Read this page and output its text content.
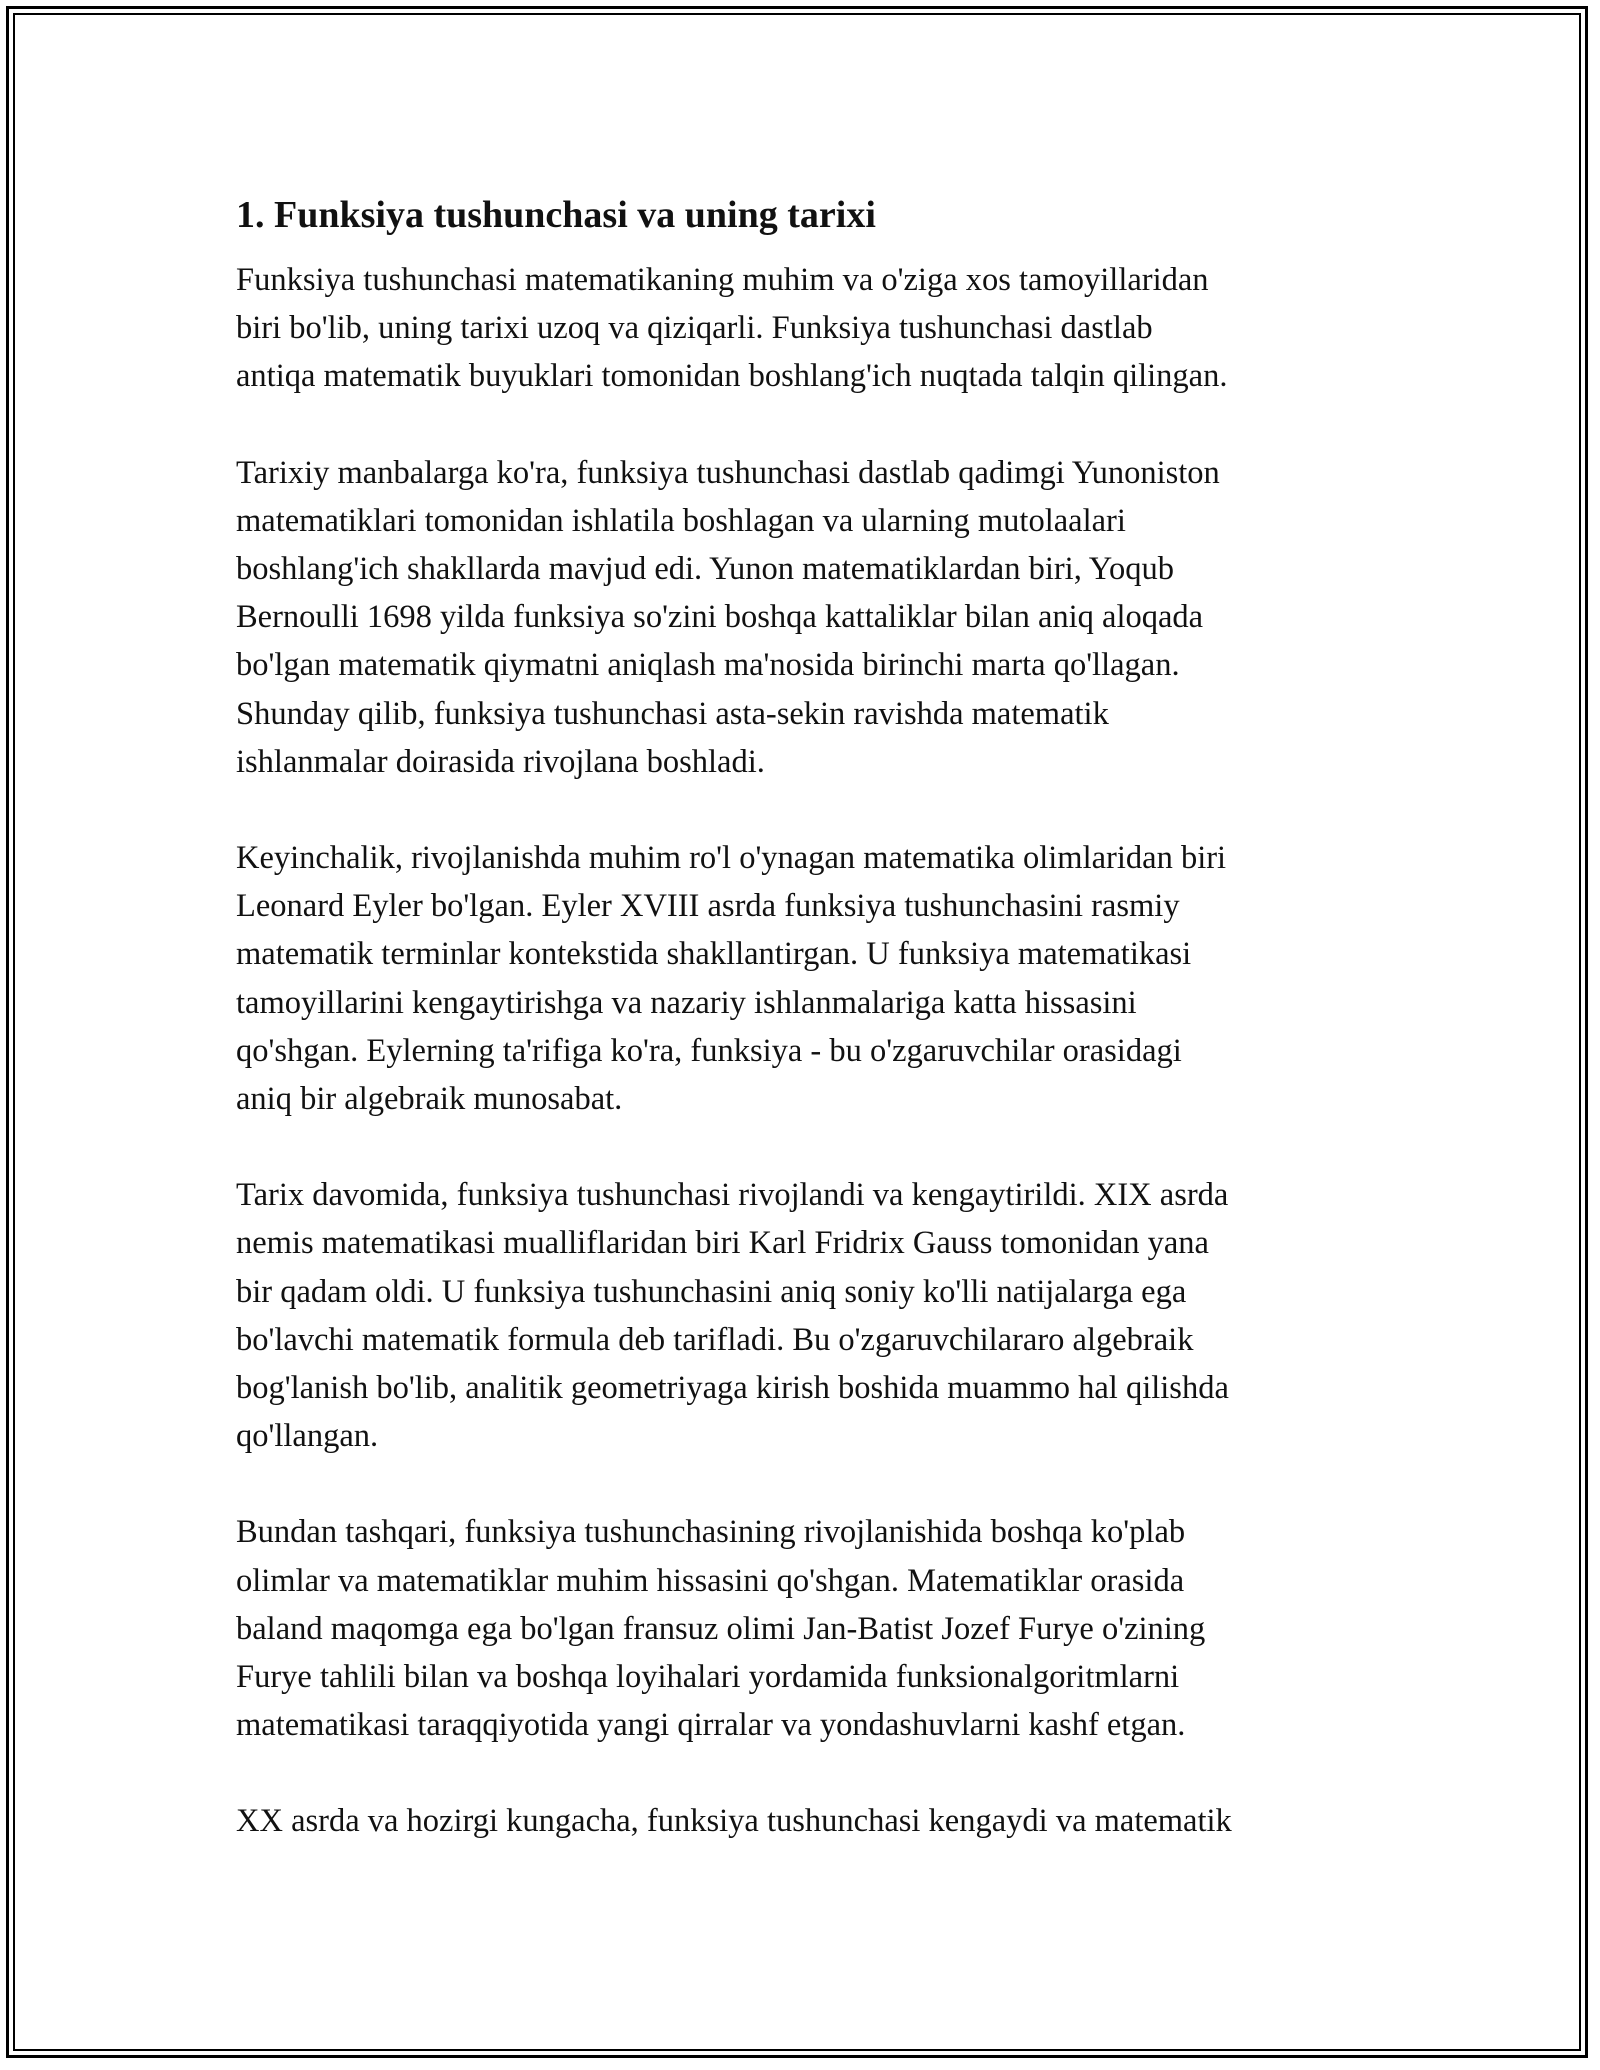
1. Funksiya tushunchasi va uning tarixi

Funksiya tushunchasi matematikaning muhim va o'ziga xos tamoyillaridan
biri bo'lib, uning tarixi uzoq va qiziqarli. Funksiya tushunchasi dastlab
antiqa matematik buyuklari tomonidan boshlang'ich nuqtada talqin qilingan.

Tarixiy manbalarga ko'ra, funksiya tushunchasi dastlab qadimgi Yunoniston
matematiklari tomonidan ishlatila boshlagan va ularning mutolaalari
boshlang'ich shakllarda mavjud edi. Yunon matematiklardan biri, Yoqub
Bernoulli 1698 yilda funksiya so'zini boshqa kattaliklar bilan aniq aloqada
bo'lgan matematik qiymatni aniqlash ma'nosida birinchi marta qo'llagan.
Shunday qilib, funksiya tushunchasi asta-sekin ravishda matematik
ishlanmalar doirasida rivojlana boshladi.

Keyinchalik, rivojlanishda muhim ro'l o'ynagan matematika olimlaridan biri
Leonard Eyler bo'lgan. Eyler XVIII asrda funksiya tushunchasini rasmiy
matematik terminlar kontekstida shakllantirgan. U funksiya matematikasi
tamoyillarini kengaytirishga va nazariy ishlanmalariga katta hissasini
qo'shgan. Eylerning ta'rifiga ko'ra, funksiya - bu o'zgaruvchilar orasidagi
aniq bir algebraik munosabat.

Tarix davomida, funksiya tushunchasi rivojlandi va kengaytirildi. XIX asrda
nemis matematikasi mualliflaridan biri Karl Fridrix Gauss tomonidan yana
bir qadam oldi. U funksiya tushunchasini aniq soniy ko'lli natijalarga ega
bo'lavchi matematik formula deb tarifladi. Bu o'zgaruvchilararo algebraik
bog'lanish bo'lib, analitik geometriyaga kirish boshida muammo hal qilishda
qo'llangan.

Bundan tashqari, funksiya tushunchasining rivojlanishida boshqa ko'plab
olimlar va matematiklar muhim hissasini qo'shgan. Matematiklar orasida
baland maqomga ega bo'lgan fransuz olimi Jan-Batist Jozef Furye o'zining
Furye tahlili bilan va boshqa loyihalari yordamida funksionalgoritmlarni
matematikasi taraqqiyotida yangi qirralar va yondashuvlarni kashf etgan.

XX asrda va hozirgi kungacha, funksiya tushunchasi kengaydi va matematik
